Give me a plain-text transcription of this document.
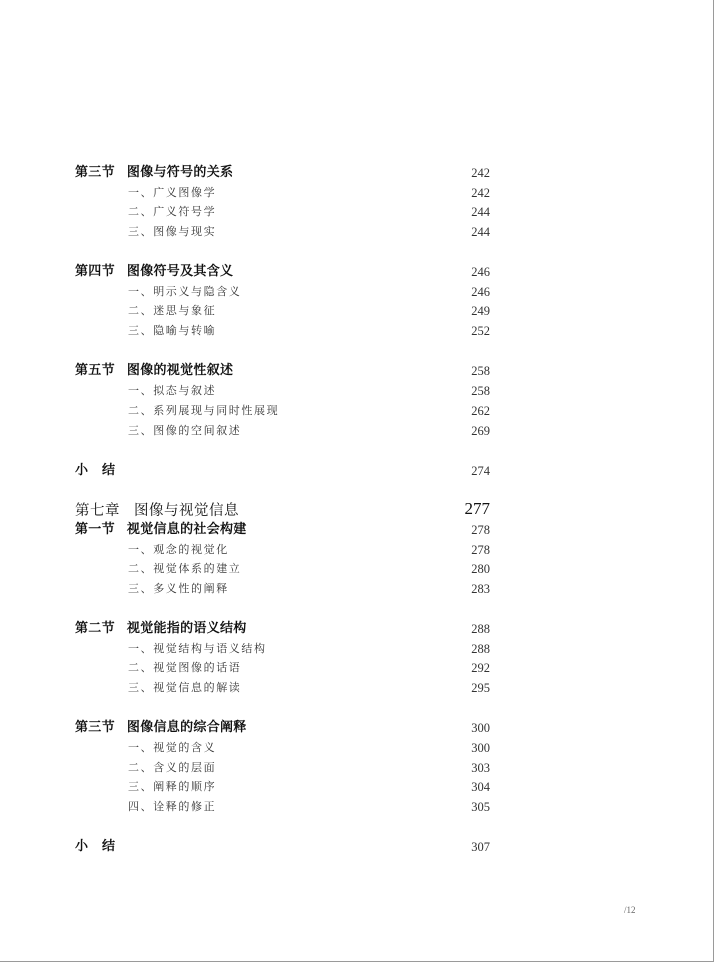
第三节 图像与符号的关系	242
一、广义图像学	242
二、广义符号学	244
三、图像与现实	244
第四节 图像符号及其含义	246
一、明示义与隐含义	246
二、迷思与象征	249
三、隐喻与转喻	252
第五节 图像的视觉性叙述	258
一、拟态与叙述	258
二、系列展现与同时性展现	262
三、图像的空间叙述	269
小结	274
第七章 图像与视觉信息	277
第一节 视觉信息的社会构建	278
一、观念的视觉化	278
二、视觉体系的建立	280
三、多义性的阐释	283
第二节 视觉能指的语义结构	288
一、视觉结构与语义结构	288
二、视觉图像的话语	292
三、视觉信息的解读	295
第三节 图像信息的综合阐释	300
一、视觉的含义	300
二、含义的层面	303
三、阐释的顺序	304
四、诠释的修正	305
小结	307
/12
